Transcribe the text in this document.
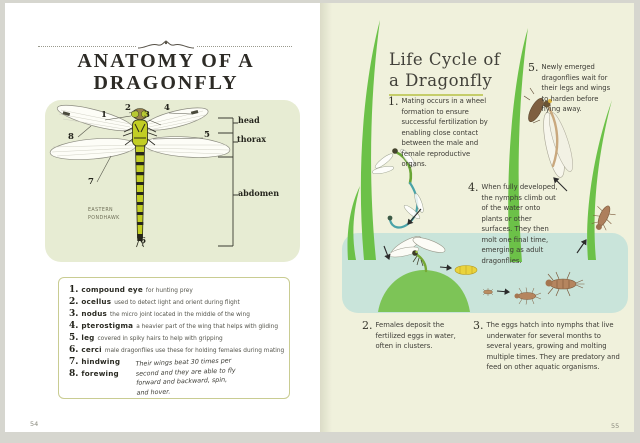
ANATOMY OF A
DRAGONFLY
1
2
3
4
5
6
7
8
head
thorax
abdomen
EASTERN PONDHAWK
1. compound eye for hunting prey
2. ocellus used to detect light and orient during flight
3. nodus the micro joint located in the middle of the wing
4. pterostigma a heavier part of the wing that helps with gliding
5. leg covered in spiky hairs to help with gripping
6. cerci male dragonflies use these for holding females during mating
7. hindwing
8. forewing
Their wings beat 30 times per second and they are able to fly forward and backward, spin, and hover.
54
Life Cycle of
a Dragonfly
1. Mating occurs in a wheel formation to ensure successful fertilization by enabling close contact between the male and female reproductive organs.

5. Newly emerged dragonflies wait for their legs and wings to harden before flying away.

4. When fully developed, the nymphs climb out of the water onto plants or other surfaces. They then molt one final time, emerging as adult dragonflies.

2. Females deposit the fertilized eggs in water, often in clusters.

3. The eggs hatch into nymphs that live underwater for several months to several years, growing and molting multiple times. They are predatory and feed on other aquatic organisms.

55
